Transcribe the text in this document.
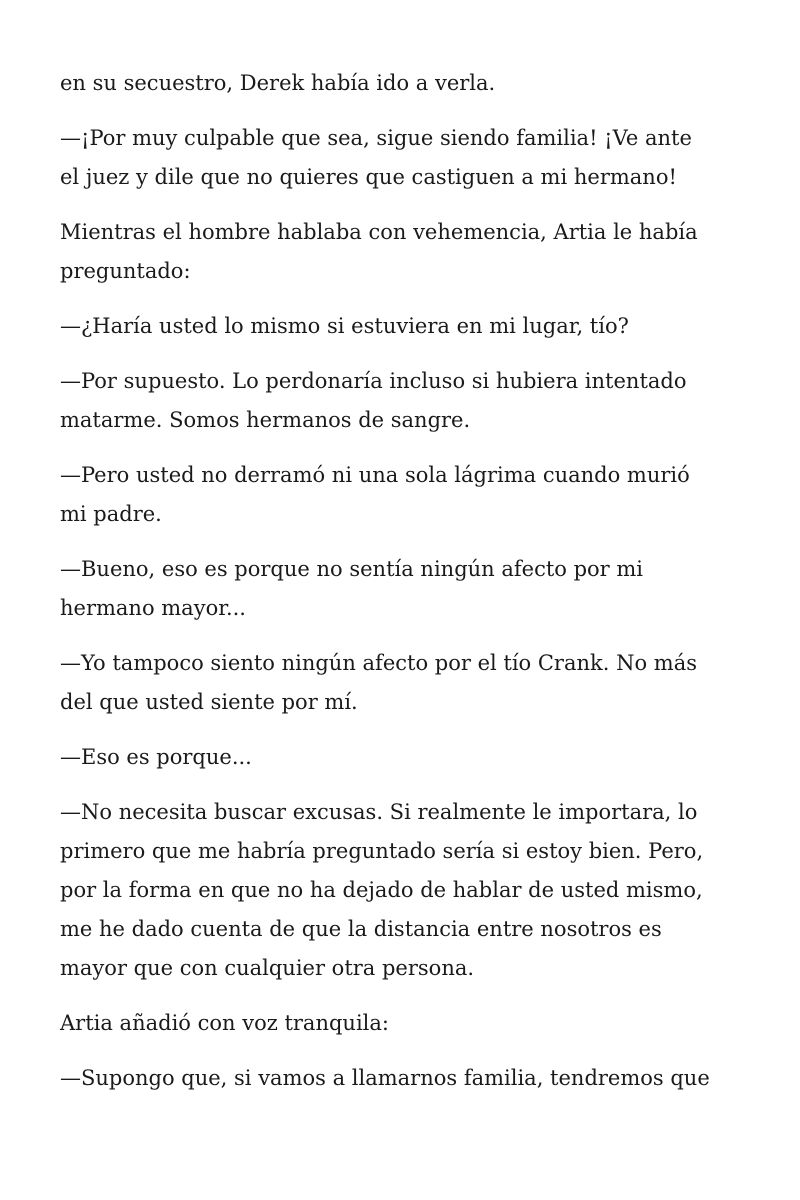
en su secuestro, Derek había ido a verla.

—¡Por muy culpable que sea, sigue siendo familia! ¡Ve ante
el juez y dile que no quieres que castiguen a mi hermano!

Mientras el hombre hablaba con vehemencia, Artia le había
preguntado:

—¿Haría usted lo mismo si estuviera en mi lugar, tío?

—Por supuesto. Lo perdonaría incluso si hubiera intentado
matarme. Somos hermanos de sangre.

—Pero usted no derramó ni una sola lágrima cuando murió
mi padre.

—Bueno, eso es porque no sentía ningún afecto por mi
hermano mayor...

—Yo tampoco siento ningún afecto por el tío Crank. No más
del que usted siente por mí.

—Eso es porque...

—No necesita buscar excusas. Si realmente le importara, lo
primero que me habría preguntado sería si estoy bien. Pero,
por la forma en que no ha dejado de hablar de usted mismo,
me he dado cuenta de que la distancia entre nosotros es
mayor que con cualquier otra persona.

Artia añadió con voz tranquila:

—Supongo que, si vamos a llamarnos familia, tendremos que
